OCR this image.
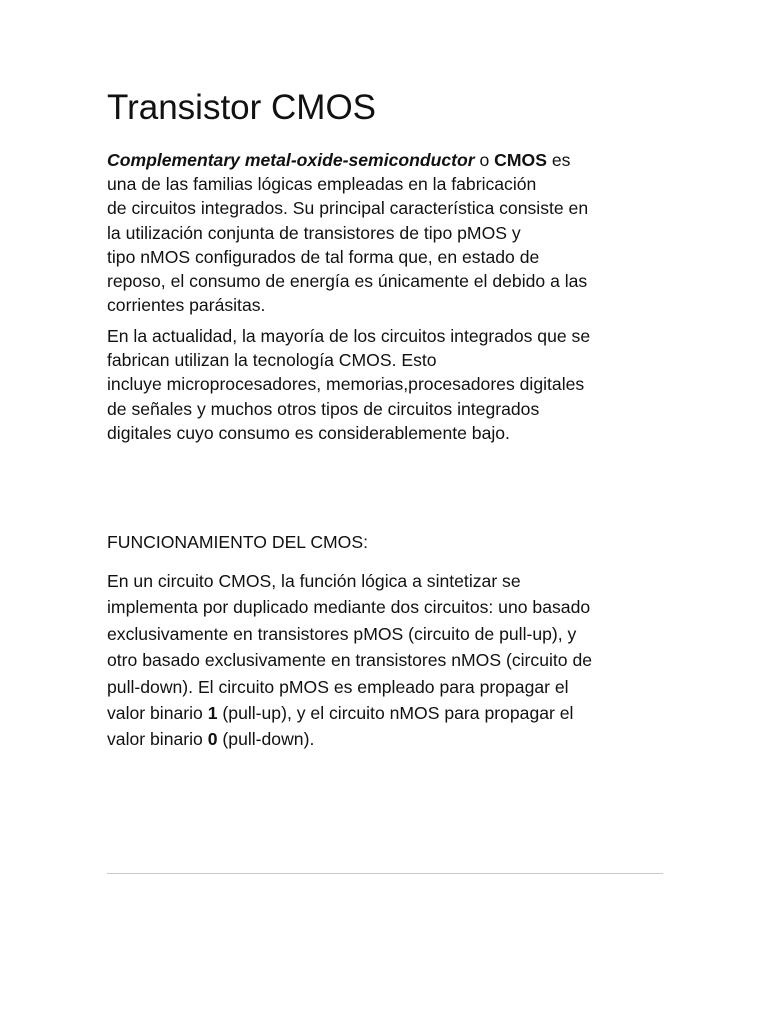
Transistor CMOS

Complementary metal-oxide-semiconductor o CMOS es
una de las familias lógicas empleadas en la fabricación
de circuitos integrados. Su principal característica consiste en
la utilización conjunta de transistores de tipo pMOS y
tipo nMOS configurados de tal forma que, en estado de
reposo, el consumo de energía es únicamente el debido a las
corrientes parásitas.

En la actualidad, la mayoría de los circuitos integrados que se
fabrican utilizan la tecnología CMOS. Esto
incluye microprocesadores, memorias,procesadores digitales
de señales y muchos otros tipos de circuitos integrados
digitales cuyo consumo es considerablemente bajo.

FUNCIONAMIENTO DEL CMOS:

En un circuito CMOS, la función lógica a sintetizar se
implementa por duplicado mediante dos circuitos: uno basado
exclusivamente en transistores pMOS (circuito de pull-up), y
otro basado exclusivamente en transistores nMOS (circuito de
pull-down). El circuito pMOS es empleado para propagar el
valor binario 1 (pull-up), y el circuito nMOS para propagar el
valor binario 0 (pull-down).
